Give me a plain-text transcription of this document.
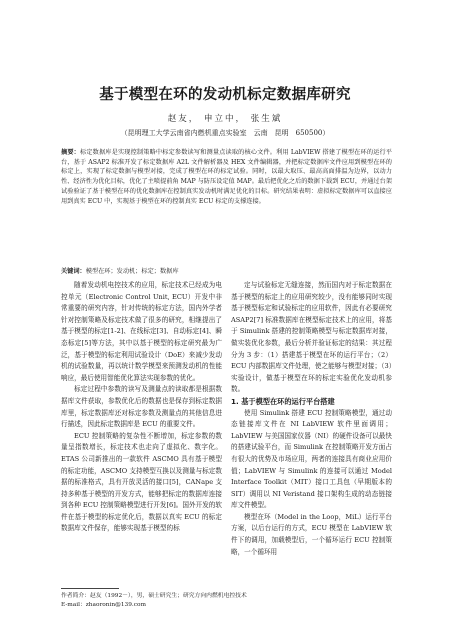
基于模型在环的发动机标定数据库研究
赵友， 申立中， 张生斌
（昆明理工大学云南省内燃机重点实验室　云南　昆明　650500）
摘要：标定数据库是实现控制策略中标定参数读写和测量点读取的核心文件。利用 LabVIEW 搭建了模型在环的运行平台，基于 ASAP2 标准开发了标定数据库 A2L 文件解析器及 HEX 文件编辑器，并把标定数据库文件应用到模型在环的标定上，实现了标定数据与模型对接，完成了模型在环的标定试验。同时，以最大取压、最高高面排温为边界，以动力性、经济性为优化目标，优化了主喷提前角 MAP 与防压设定值 MAP。最后把优化之后的数据下载到 ECU，并通过台架试验验证了基于模型在环的优化数据库在控制真实发动机时满足优化的目标。研究结果表明：虚拟标定数据库可以直接应用到真实 ECU 中，实现基于模型在环的控制真实 ECU 标定的支撑连接。
关键词：模型在环；发动机；标定；数据库

随着发动机电控技术的应用，标定技术已经成为电控单元（Electronic Control Unit, ECU）开发中非常重要的研究内容，针对传统的标定方法，国内外学者针对控制策略及标定技术做了很多的研究，相继提出了基于模型的标定[1-2]、在线标定[3]、自动标定[4]、瞬态标定[5]等方法，其中以基于模型的标定研究最为广泛，基于模型的标定利用试验设计（DoE）来减少发动机的试验数量，再以统计数学模型来预测发动机的性能响应，最后使用智能优化算法实现参数的优化。

标定过程中参数的读写及测量点的读取都是根据数据库文件获取，参数优化后的数据也是保存到标定数据库里，标定数据库还对标定参数及测量点的其他信息进行描述，因此标定数据库是 ECU 的重要文件。

ECU 控制策略的复杂性不断增加，标定参数的数量呈指数增长，标定技术也走向了虚拟化、数字化。ETAS 公司新推出的一款软件 ASCMO 具有基于模型的标定功能，ASCMO 支持模型互换以及测量与标定数据的标准格式，具有开放灵活的接口[5]，CANape 支持多种基于模型的开发方式，能够把标定的数据库连接到各种 ECU 控制策略模型进行开发[6]。国外开发的软件在基于模型的标定优化后，数据以真实 ECU 的标定数据库文件保存，能够实现基于模型的标

定与试验标定无缝连接，然而国内对于标定数据在基于模型的标定上的应用研究较少，没有能够同时实现基于模型标定和试验标定的应用软件，因此有必要研究 ASAP2[7] 标准数据库在模型标定技术上的应用，将基于 Simulink 搭建的控制策略模型与标定数据库对接，做实装优化参数，最后分析并验证标定的结果：其过程分为 3 步：（1）搭建基于模型在环的运行平台；（2）ECU 内部数据库文件处理，使之能够与模型对接；（3）实验设计，做基于模型在环的标定实验优化发动机参数。

1. 基于模型在环的运行平台搭建

使用 Simulink 搭建 ECU 控制策略模型，通过动态链接库文件在 NI LabVIEW 软件里面调用；LabVIEW 与美国国家仪器（NI）的硬件设备可以最快的搭建试验平台，而 Simulink 在控制策略开发方面占有很大的优势及市场应用，两者的连接具有商业应用价值；LabVIEW 与 Simulink 的连接可以通过 Model Interface Toolkit（MIT）接口工具包（早期版本的 SIT）调用以 NI Veristand 接口架构生成的动态链接库文件模型。

模型在环（Model in the Loop，MiL）运行平台方案，以后台运行的方式，ECU 模型在 LabVIEW 软件下的调用，加载模型后，一个循环运行 ECU 控制策略，一个循环用

作者简介：赵友（1992－），男，硕士研究生；研究方向内燃机电控技术
E-mail：zhaoronin@139.com
